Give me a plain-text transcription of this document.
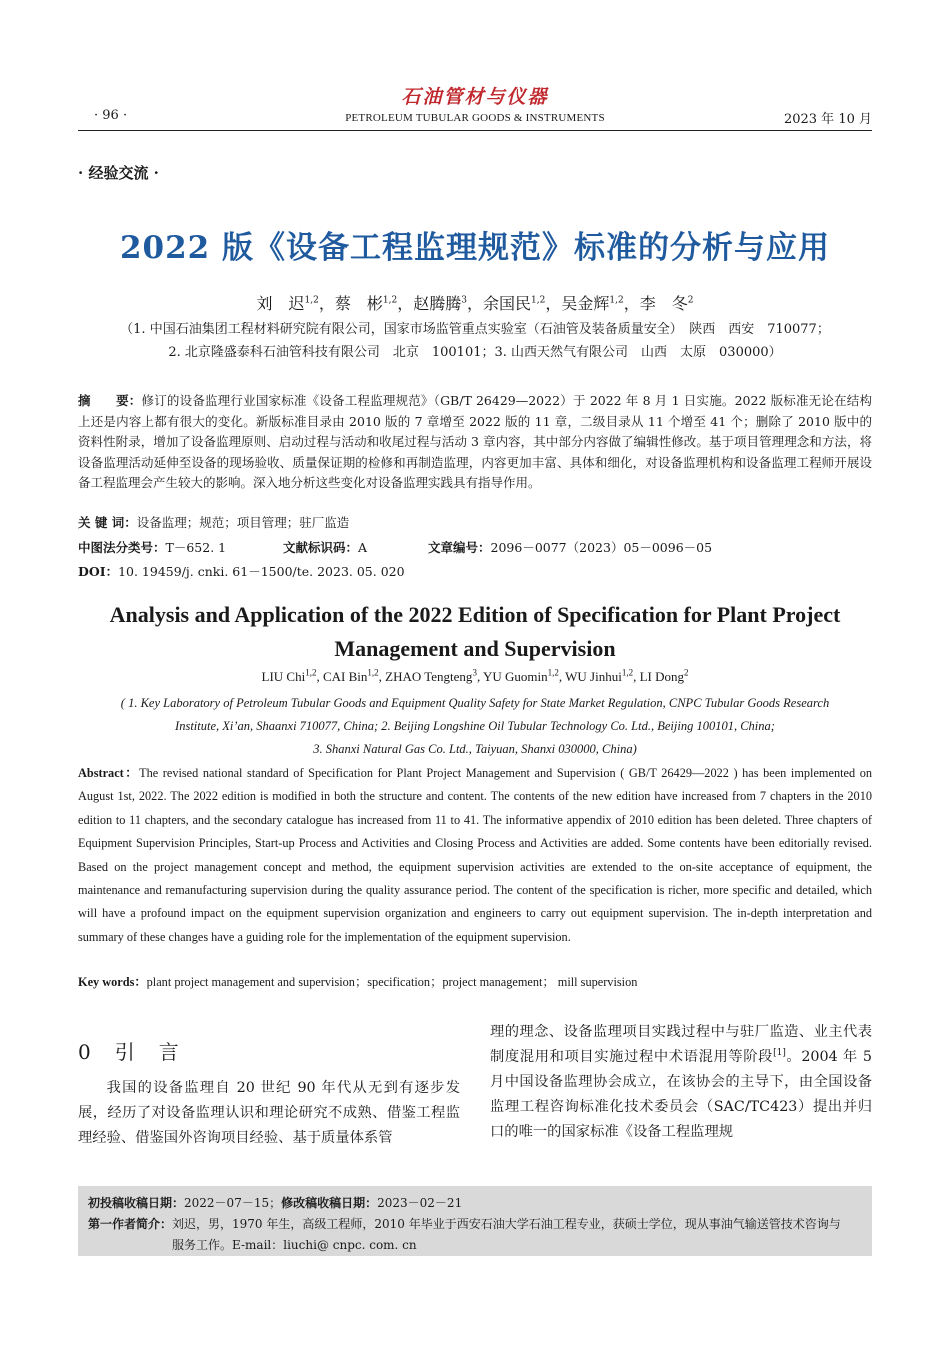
石油管材与仪器
· 96 ·	PETROLEUM TUBULAR GOODS & INSTRUMENTS	2023 年 10 月
· 经验交流 ·
2022 版《设备工程监理规范》标准的分析与应用
刘　迟$^{1,2}$，蔡　彬$^{1,2}$，赵腾腾$^3$，余国民$^{1,2}$，吴金辉$^{1,2}$，李　冬$^2$
（1. 中国石油集团工程材料研究院有限公司，国家市场监管重点实验室（石油管及装备质量安全）　陕西　西安　710077；
2. 北京隆盛泰科石油管科技有限公司　北京　100101；3. 山西天然气有限公司　山西　太原　030000）
摘　　要：修订的设备监理行业国家标准《设备工程监理规范》（GB/T 26429—2022）于 2022 年 8 月 1 日实施。2022 版标准无论在结构上还是内容上都有很大的变化。新版标准目录由 2010 版的 7 章增至 2022 版的 11 章，二级目录从 11 个增至 41 个；删除了 2010 版中的资料性附录，增加了设备监理原则、启动过程与活动和收尾过程与活动 3 章内容，其中部分内容做了编辑性修改。基于项目管理理念和方法，将设备监理活动延伸至设备的现场验收、质量保证期的检修和再制造监理，内容更加丰富、具体和细化，对设备监理机构和设备监理工程师开展设备工程监理会产生较大的影响。深入地分析这些变化对设备监理实践具有指导作用。
关 键 词：设备监理；规范；项目管理；驻厂监造
中图法分类号：T－652. 1	文献标识码：A	文章编号：2096－0077（2023）05－0096－05
DOI：10. 19459/j. cnki. 61－1500/te. 2023. 05. 020
Analysis and Application of the 2022 Edition of Specification for Plant Project Management and Supervision
LIU Chi$^{1,2}$, CAI Bin$^{1,2}$, ZHAO Tengteng$^3$, YU Guomin$^{1,2}$, WU Jinhui$^{1,2}$, LI Dong$^2$
( 1. Key Laboratory of Petroleum Tubular Goods and Equipment Quality Safety for State Market Regulation, CNPC Tubular Goods Research
Institute, Xi’an, Shaanxi 710077, China; 2. Beijing Longshine Oil Tubular Technology Co. Ltd., Beijing 100101, China;
3. Shanxi Natural Gas Co. Ltd., Taiyuan, Shanxi 030000, China)
Abstract：The revised national standard of Specification for Plant Project Management and Supervision ( GB/T 26429—2022 ) has been implemented on August 1st, 2022. The 2022 edition is modified in both the structure and content. The contents of the new edition have increased from 7 chapters in the 2010 edition to 11 chapters, and the secondary catalogue has increased from 11 to 41. The informative appendix of 2010 edition has been deleted. Three chapters of Equipment Supervision Principles, Start-up Process and Activities and Closing Process and Activities are added. Some contents have been editorially revised. Based on the project management concept and method, the equipment supervision activities are extended to the on-site acceptance of equipment, the maintenance and remanufacturing supervision during the quality assurance period. The content of the specification is richer, more specific and detailed, which will have a profound impact on the equipment supervision organization and engineers to carry out equipment supervision. The in-depth interpretation and summary of these changes have a guiding role for the implementation of the equipment supervision.
Key words：plant project management and supervision；specification；project management； mill supervision
0　 引　言
我国的设备监理自 20 世纪 90 年代从无到有逐步发展，经历了对设备监理认识和理论研究不成熟、借鉴工程监理经验、借鉴国外咨询项目经验、基于质量体系管
理的理念、设备监理项目实践过程中与驻厂监造、业主代表制度混用和项目实施过程中术语混用等阶段[1]。2004 年 5 月中国设备监理协会成立，在该协会的主导下，由全国设备监理工程咨询标准化技术委员会（SAC/TC423）提出并归口的唯一的国家标准《设备工程监理规
初投稿收稿日期：2022－07－15；修改稿收稿日期：2023－02－21
第一作者简介：刘迟，男，1970 年生，高级工程师，2010 年毕业于西安石油大学石油工程专业，获硕士学位，现从事油气输送管技术咨询与
服务工作。E-mail：liuchi@ cnpc. com. cn
